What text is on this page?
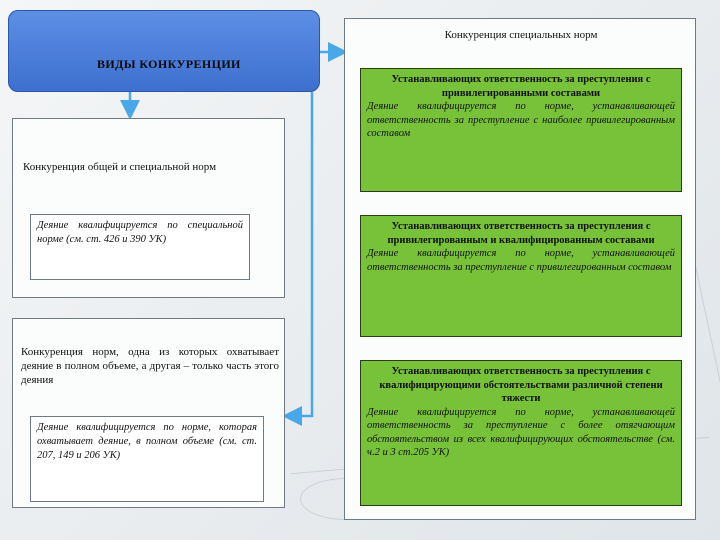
ВИДЫ КОНКУРЕНЦИИ
Конкуренция специальных норм
Устанавливающих ответственность за преступления с привилегированными составами
Деяние квалифицируется по норме, устанавливающей ответственность за преступление с наиболее привилегированным составом
Устанавливающих ответственность за преступления с привилегированным и квалифицированным составами
Деяние квалифицируется по норме, устанавливающей ответственность за преступление с привилегированным составом
Устанавливающих ответственность за преступления с квалифицирующими обстоятельствами различной степени тяжести
Деяние квалифицируется по норме, устанавливающей ответственность за преступление с более отягчающим обстоятельством из всех квалифицирующих обстоятельстве (см. ч.2 и 3 ст.205 УК)
Конкуренция общей и специальной норм
Деяние квалифицируется по специальной норме (см. ст. 426 и 390 УК)
Конкуренция норм, одна из которых охватывает деяние в полном объеме, а другая – только часть этого деяния
Деяние квалифицируется по норме, которая охватывает деяние, в полном объеме (см. ст. 207, 149 и 206 УК)
